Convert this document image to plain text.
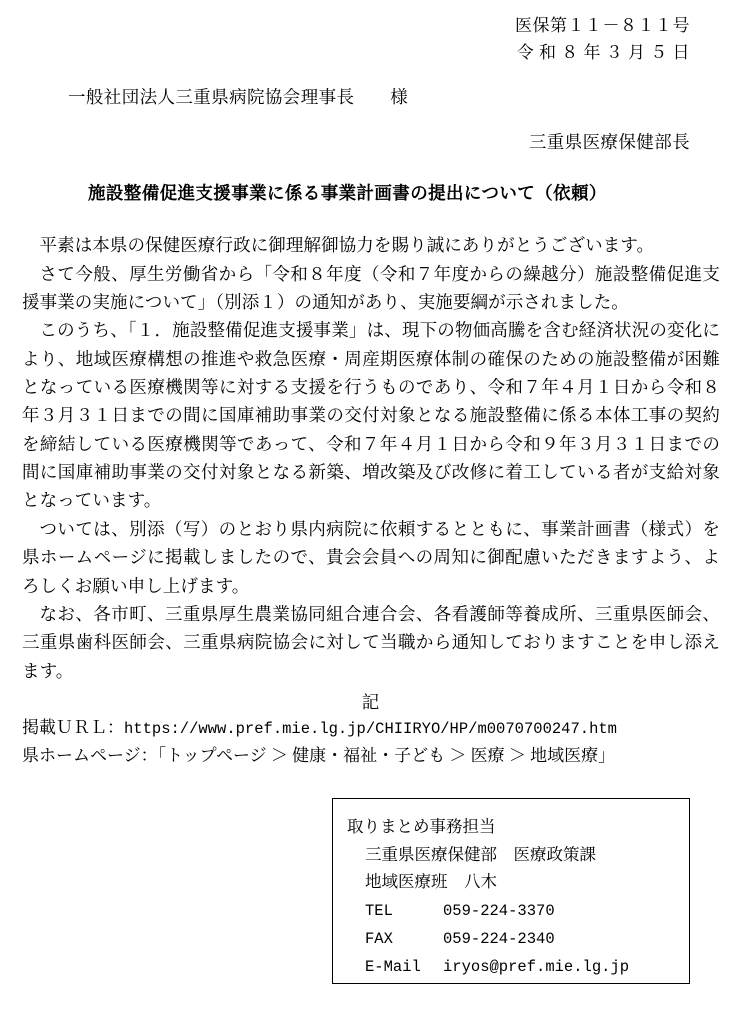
医保第１１－８１１号
令 和 ８ 年 ３ 月 ５ 日
一般社団法人三重県病院協会理事長　　様
三重県医療保健部長
施設整備促進支援事業に係る事業計画書の提出について（依頼）

平素は本県の保健医療行政に御理解御協力を賜り誠にありがとうございます。

さて今般、厚生労働省から「令和８年度（令和７年度からの繰越分）施設整備促進支援事業の実施について」（別添１）の通知があり、実施要綱が示されました。

このうち、「１．施設整備促進支援事業」は、現下の物価高騰を含む経済状況の変化により、地域医療構想の推進や救急医療・周産期医療体制の確保のための施設整備が困難となっている医療機関等に対する支援を行うものであり、令和７年４月１日から令和８年３月３１日までの間に国庫補助事業の交付対象となる施設整備に係る本体工事の契約を締結している医療機関等であって、令和７年４月１日から令和９年３月３１日までの間に国庫補助事業の交付対象となる新築、増改築及び改修に着工している者が支給対象となっています。

ついては、別添（写）のとおり県内病院に依頼するとともに、事業計画書（様式）を県ホームページに掲載しましたので、貴会会員への周知に御配慮いただきますよう、よろしくお願い申し上げます。

なお、各市町、三重県厚生農業協同組合連合会、各看護師等養成所、三重県医師会、三重県歯科医師会、三重県病院協会に対して当職から通知しておりますことを申し添えます。

記
掲載ＵＲＬ：https://www.pref.mie.lg.jp/CHIIRYO/HP/m0070700247.htm
県ホームページ：「トップページ ＞ 健康・福祉・子ども ＞ 医療 ＞ 地域医療」
取りまとめ事務担当
三重県医療保健部　医療政策課
地域医療班　八木
TEL	059-224-3370
FAX	059-224-2340
E-Mail iryos@pref.mie.lg.jp
